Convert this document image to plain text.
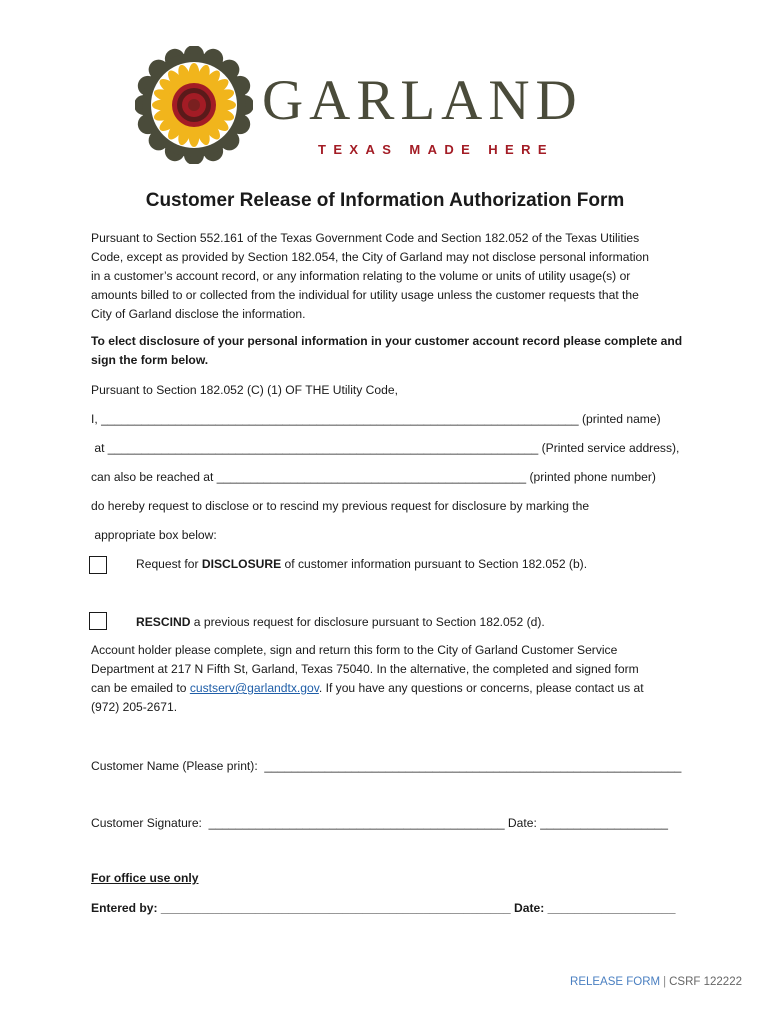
GARLAND
TEXAS MADE HERE
Customer Release of Information Authorization Form
Pursuant to Section 552.161 of the Texas Government Code and Section 182.052 of the Texas Utilities
Code, except as provided by Section 182.054, the City of Garland may not disclose personal information
in a customer’s account record, or any information relating to the volume or units of utility usage(s) or
amounts billed to or collected from the individual for utility usage unless the customer requests that the
City of Garland disclose the information.
To elect disclosure of your personal information in your customer account record please complete and
sign the form below.
Pursuant to Section 182.052 (C) (1) OF THE Utility Code,
I, _______________________________________________________________________ (printed name)
at ________________________________________________________________ (Printed service address),
can also be reached at ______________________________________________ (printed phone number)
do hereby request to disclose or to rescind my previous request for disclosure by marking the
appropriate box below:
Request for DISCLOSURE of customer information pursuant to Section 182.052 (b).
RESCIND a previous request for disclosure pursuant to Section 182.052 (d).
Account holder please complete, sign and return this form to the City of Garland Customer Service
Department at 217 N Fifth St, Garland, Texas 75040. In the alternative, the completed and signed form
can be emailed to custserv@garlandtx.gov. If you have any questions or concerns, please contact us at
(972) 205-2671.
Customer Name (Please print):  ______________________________________________________________
Customer Signature:  ____________________________________________ Date: ___________________
For office use only
Entered by: ____________________________________________________ Date: ___________________
RELEASE FORM | CSRF 122222
